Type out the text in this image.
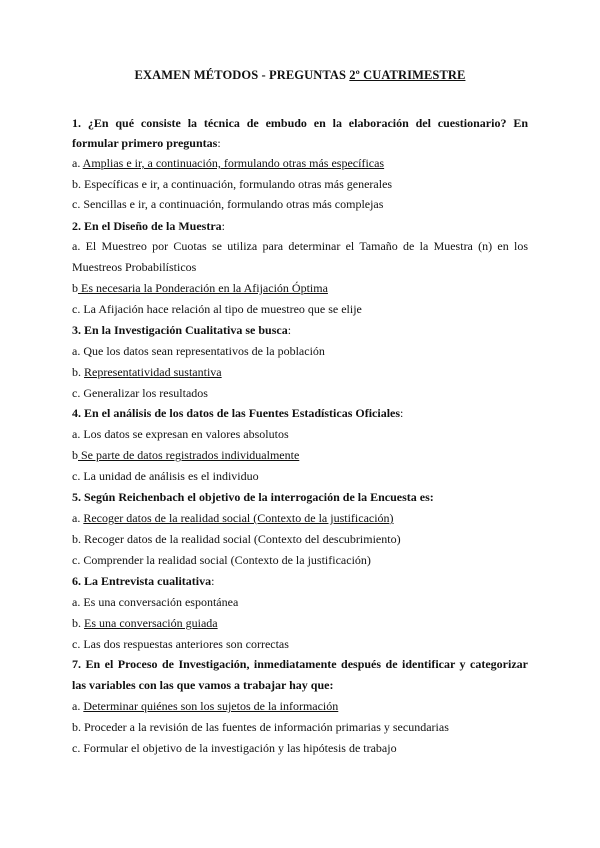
EXAMEN MÉTODOS - PREGUNTAS 2º CUATRIMESTRE
1. ¿En qué consiste la técnica de embudo en la elaboración del cuestionario? En
formular primero preguntas:
a. Amplias e ir, a continuación, formulando otras más específicas
b. Específicas e ir, a continuación, formulando otras más generales
c. Sencillas e ir, a continuación, formulando otras más complejas
2. En el Diseño de la Muestra:
a. El Muestreo por Cuotas se utiliza para determinar el Tamaño de la Muestra (n) en los
Muestreos Probabilísticos
b Es necesaria la Ponderación en la Afijación Óptima
c. La Afijación hace relación al tipo de muestreo que se elije
3. En la Investigación Cualitativa se busca:
a. Que los datos sean representativos de la población
b. Representatividad sustantiva
c. Generalizar los resultados
4. En el análisis de los datos de las Fuentes Estadísticas Oficiales:
a. Los datos se expresan en valores absolutos
b Se parte de datos registrados individualmente
c. La unidad de análisis es el individuo
5. Según Reichenbach el objetivo de la interrogación de la Encuesta es:
a. Recoger datos de la realidad social (Contexto de la justificación)
b. Recoger datos de la realidad social (Contexto del descubrimiento)
c. Comprender la realidad social (Contexto de la justificación)
6. La Entrevista cualitativa:
a. Es una conversación espontánea
b. Es una conversación guiada
c. Las dos respuestas anteriores son correctas
7. En el Proceso de Investigación, inmediatamente después de identificar y categorizar
las variables con las que vamos a trabajar hay que:
a. Determinar quiénes son los sujetos de la información
b. Proceder a la revisión de las fuentes de información primarias y secundarias
c. Formular el objetivo de la investigación y las hipótesis de trabajo
